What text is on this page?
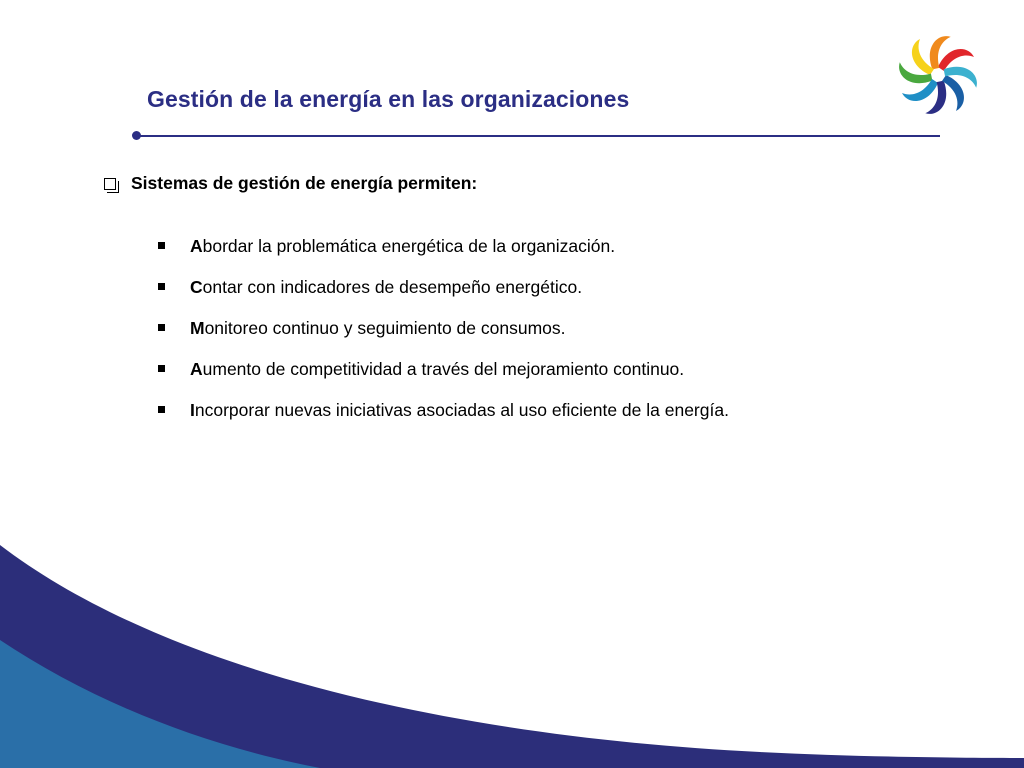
Gestión de la energía en las organizaciones
Sistemas de gestión de energía permiten:
Abordar la problemática energética de la organización.
Contar con indicadores de desempeño energético.
Monitoreo continuo y seguimiento de consumos.
Aumento de competitividad a través del mejoramiento continuo.
Incorporar nuevas iniciativas asociadas al uso eficiente de la energía.
